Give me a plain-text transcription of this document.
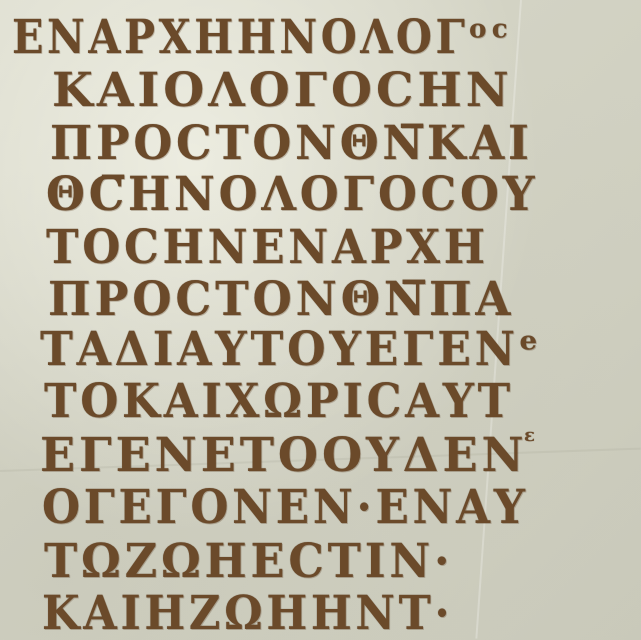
ΕΝΑΡΧΗΗΝΟΛΟΓᵒᶜ
ΚΑΙΟΛΟΓΟϹΗΝ
ΠΡΟϹΤΟΝΘΝ̅ΚΑΙ
ΘϹ̅ΗΝΟΛΟΓΟϹΟΥ
ΤΟϹΗΝΕΝΑΡΧΗ
ΠΡΟϹΤΟΝΘΝ̅ΠΑ
ΤΑΔΙΑΥΤΟΥΕΓΕΝᵉ
ΤΟΚΑΙΧΩΡΙϹΑΥΤ
ΕΓΕΝΕΤΟΟΥΔΕΝ
ΟΓΕΓΟΝΕΝ·ΕΝΑΥ
ΤΩΖΩΗΕϹΤΙΝ·
ΚΑΙΗΖΩΗΗΝΤ·
ε
